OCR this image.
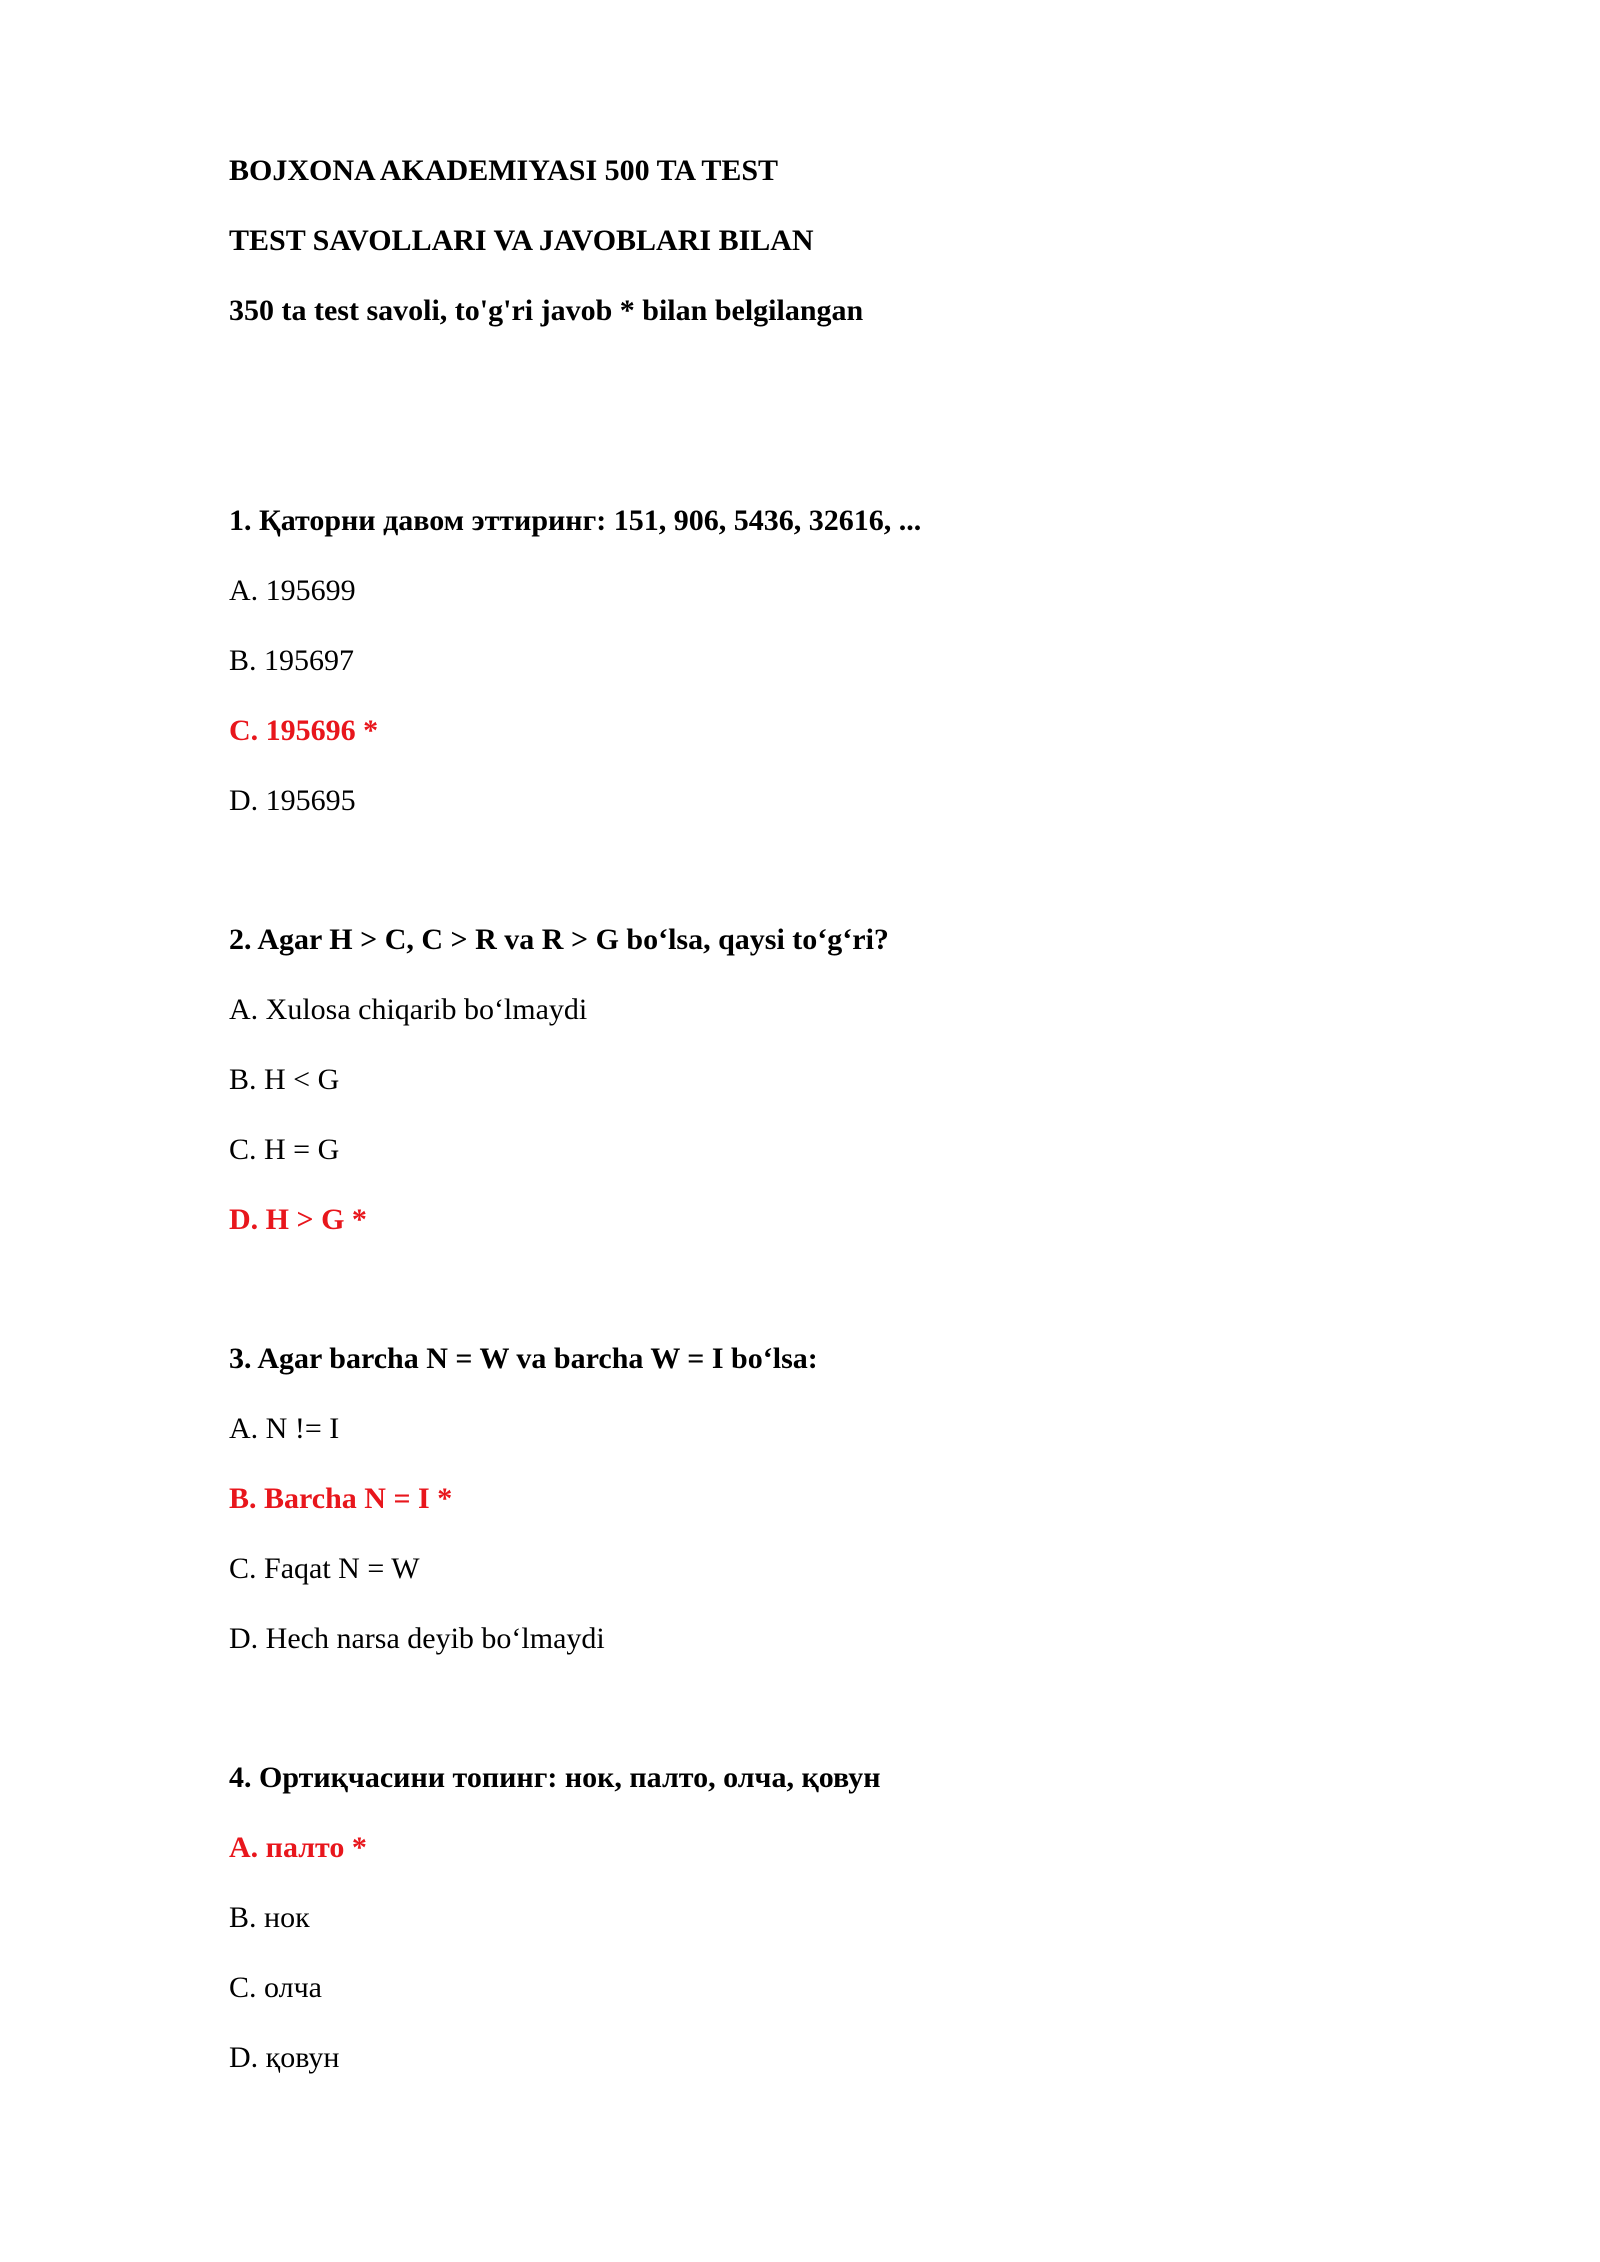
BOJXONA AKADEMIYASI 500 TA TEST
TEST SAVOLLARI VA JAVOBLARI BILAN
350 ta test savoli, to'g'ri javob * bilan belgilangan
1. Қаторни давом эттиринг: 151, 906, 5436, 32616, ...
A. 195699
B. 195697
C. 195696 *
D. 195695
2. Agar H > C, C > R va R > G bo‘lsa, qaysi to‘g‘ri?
A. Xulosa chiqarib bo‘lmaydi
B. H < G
C. H = G
D. H > G *
3. Agar barcha N = W va barcha W = I bo‘lsa:
A. N != I
B. Barcha N = I *
C. Faqat N = W
D. Hech narsa deyib bo‘lmaydi
4. Ортиқчасини топинг: нок, палто, олча, қовун
A. палто *
B. нок
C. олча
D. қовун
